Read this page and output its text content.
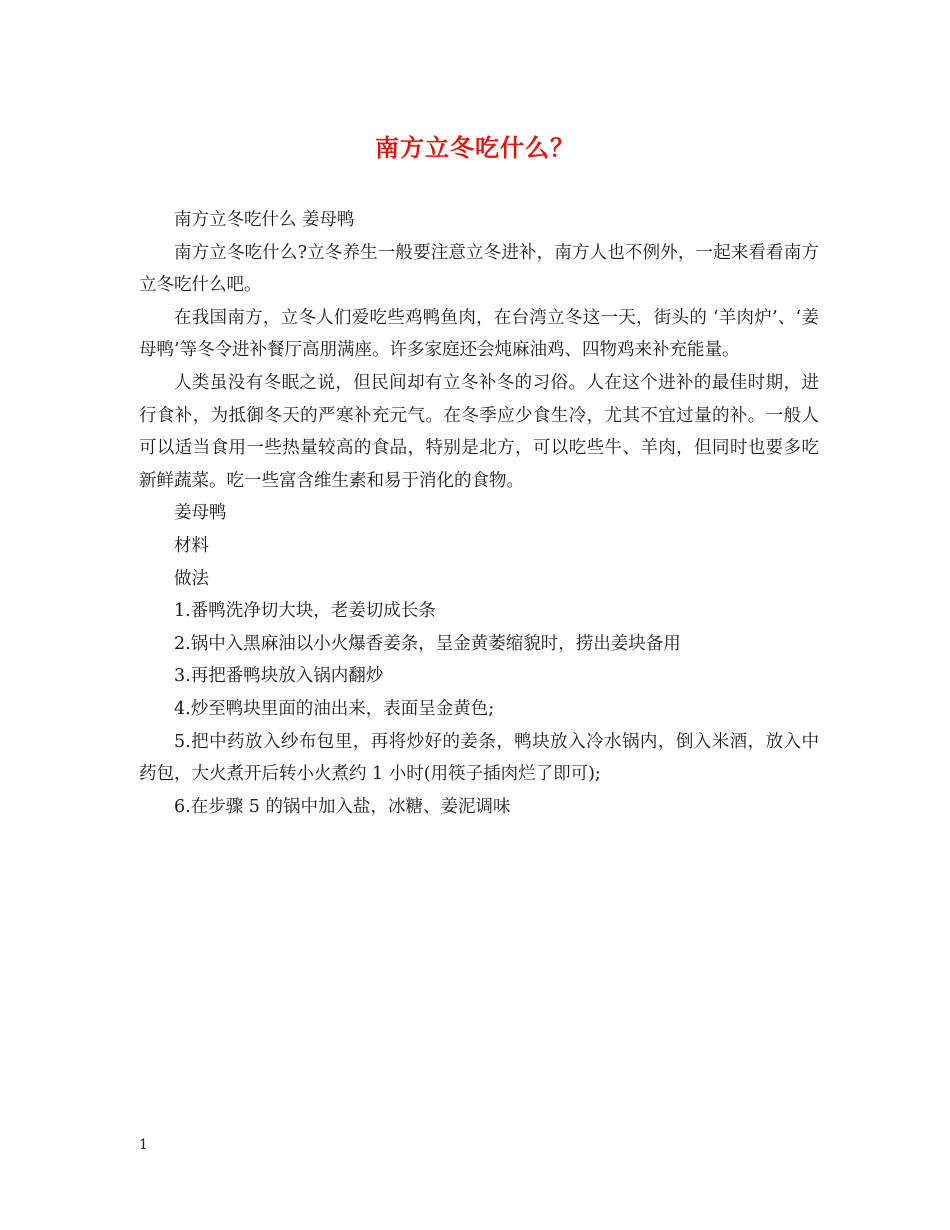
南方立冬吃什么？

南方立冬吃什么 姜母鸭

南方立冬吃什么?立冬养生一般要注意立冬进补，南方人也不例外，一起来看看南方立冬吃什么吧。

在我国南方，立冬人们爱吃些鸡鸭鱼肉，在台湾立冬这一天，街头的 ‘羊肉炉’、‘姜母鸭’等冬令进补餐厅高朋满座。许多家庭还会炖麻油鸡、四物鸡来补充能量。

人类虽没有冬眠之说，但民间却有立冬补冬的习俗。人在这个进补的最佳时期，进行食补，为抵御冬天的严寒补充元气。在冬季应少食生冷，尤其不宜过量的补。一般人可以适当食用一些热量较高的食品，特别是北方，可以吃些牛、羊肉，但同时也要多吃新鲜蔬菜。吃一些富含维生素和易于消化的食物。

姜母鸭

材料

做法

1.番鸭洗净切大块，老姜切成长条

2.锅中入黑麻油以小火爆香姜条，呈金黄萎缩貌时，捞出姜块备用

3.再把番鸭块放入锅内翻炒

4.炒至鸭块里面的油出来，表面呈金黄色;

5.把中药放入纱布包里，再将炒好的姜条，鸭块放入冷水锅内，倒入米酒，放入中药包，大火煮开后转小火煮约 1 小时(用筷子插肉烂了即可);

6.在步骤 5 的锅中加入盐，冰糖、姜泥调味

1
